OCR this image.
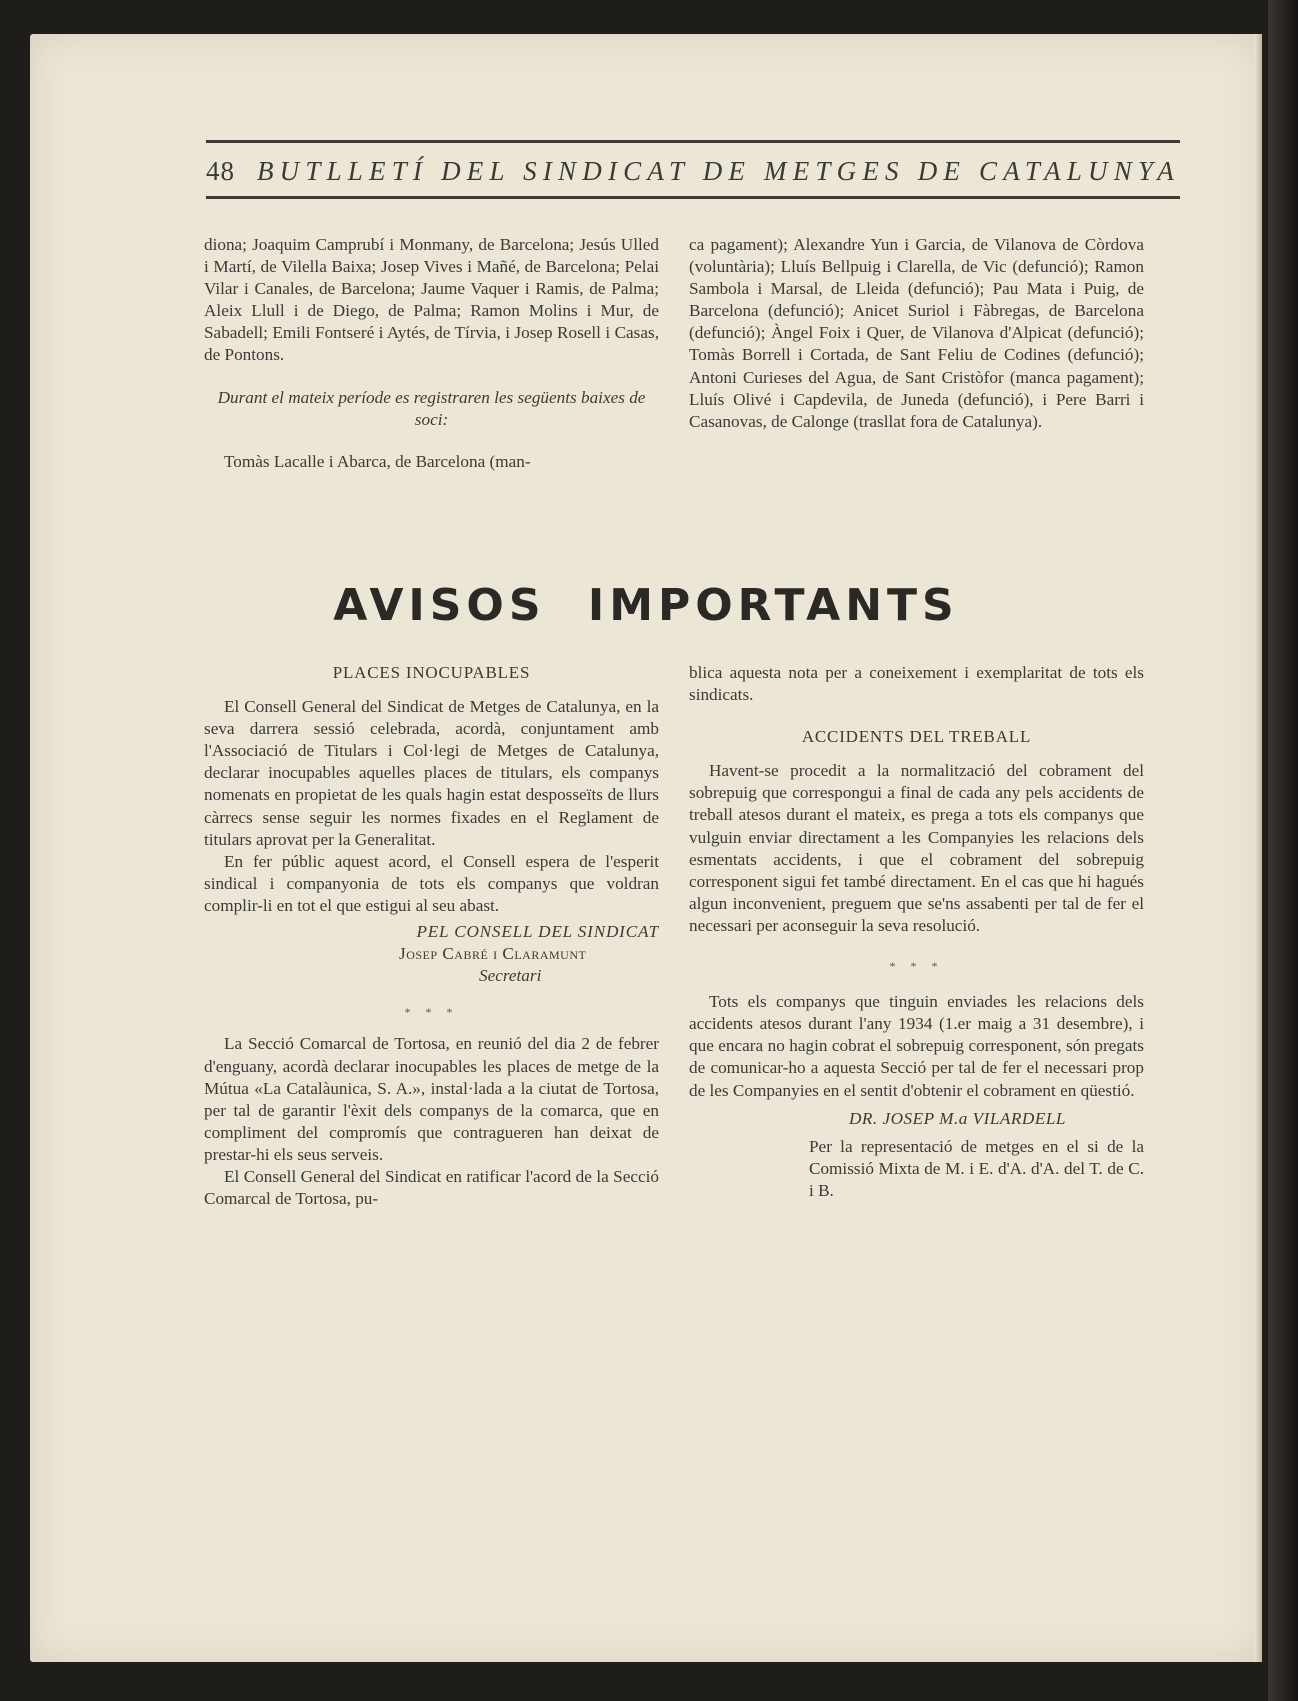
48 BUTLLETÍ DEL SINDICAT DE METGES DE CATALUNYA

diona; Joaquim Camprubí i Monmany, de Barcelona; Jesús Ulled i Martí, de Vilella Baixa; Josep Vives i Mañé, de Barcelona; Pelai Vilar i Canales, de Barcelona; Jaume Vaquer i Ramis, de Palma; Aleix Llull i de Diego, de Palma; Ramon Molins i Mur, de Sabadell; Emili Fontseré i Aytés, de Tírvia, i Josep Rosell i Casas, de Pontons.

Durant el mateix període es registraren les següents baixes de soci:

Tomàs Lacalle i Abarca, de Barcelona (man-

ca pagament); Alexandre Yun i Garcia, de Vilanova de Còrdova (voluntària); Lluís Bellpuig i Clarella, de Vic (defunció); Ramon Sambola i Marsal, de Lleida (defunció); Pau Mata i Puig, de Barcelona (defunció); Anicet Suriol i Fàbregas, de Barcelona (defunció); Àngel Foix i Quer, de Vilanova d'Alpicat (defunció); Tomàs Borrell i Cortada, de Sant Feliu de Codines (defunció); Antoni Curieses del Agua, de Sant Cristòfor (manca pagament); Lluís Olivé i Capdevila, de Juneda (defunció), i Pere Barri i Casanovas, de Calonge (trasllat fora de Catalunya).

AVISOS IMPORTANTS

PLACES INOCUPABLES

El Consell General del Sindicat de Metges de Catalunya, en la seva darrera sessió celebrada, acordà, conjuntament amb l'Associació de Titulars i Col·legi de Metges de Catalunya, declarar inocupables aquelles places de titulars, els companys nomenats en propietat de les quals hagin estat desposseïts de llurs càrrecs sense seguir les normes fixades en el Reglament de titulars aprovat per la Generalitat.

En fer públic aquest acord, el Consell espera de l'esperit sindical i companyonia de tots els companys que voldran complir-li en tot el que estigui al seu abast.

PEL CONSELL DEL SINDICAT

Josep Cabré i Claramunt

Secretari

* * *

La Secció Comarcal de Tortosa, en reunió del dia 2 de febrer d'enguany, acordà declarar inocupables les places de metge de la Mútua «La Catalàunica, S. A.», instal·lada a la ciutat de Tortosa, per tal de garantir l'èxit dels companys de la comarca, que en compliment del compromís que contragueren han deixat de prestar-hi els seus serveis.

El Consell General del Sindicat en ratificar l'acord de la Secció Comarcal de Tortosa, pu-

blica aquesta nota per a coneixement i exemplaritat de tots els sindicats.

ACCIDENTS DEL TREBALL

Havent-se procedit a la normalització del cobrament del sobrepuig que correspongui a final de cada any pels accidents de treball atesos durant el mateix, es prega a tots els companys que vulguin enviar directament a les Companyies les relacions dels esmentats accidents, i que el cobrament del sobrepuig corresponent sigui fet també directament. En el cas que hi hagués algun inconvenient, preguem que se'ns assabenti per tal de fer el necessari per aconseguir la seva resolució.

* * *

Tots els companys que tinguin enviades les relacions dels accidents atesos durant l'any 1934 (1.er maig a 31 desembre), i que encara no hagin cobrat el sobrepuig corresponent, són pregats de comunicar-ho a aquesta Secció per tal de fer el necessari prop de les Companyies en el sentit d'obtenir el cobrament en qüestió.

DR. JOSEP M.a VILARDELL

Per la representació de metges en el si de la Comissió Mixta de M. i E. d'A. d'A. del T. de C. i B.
